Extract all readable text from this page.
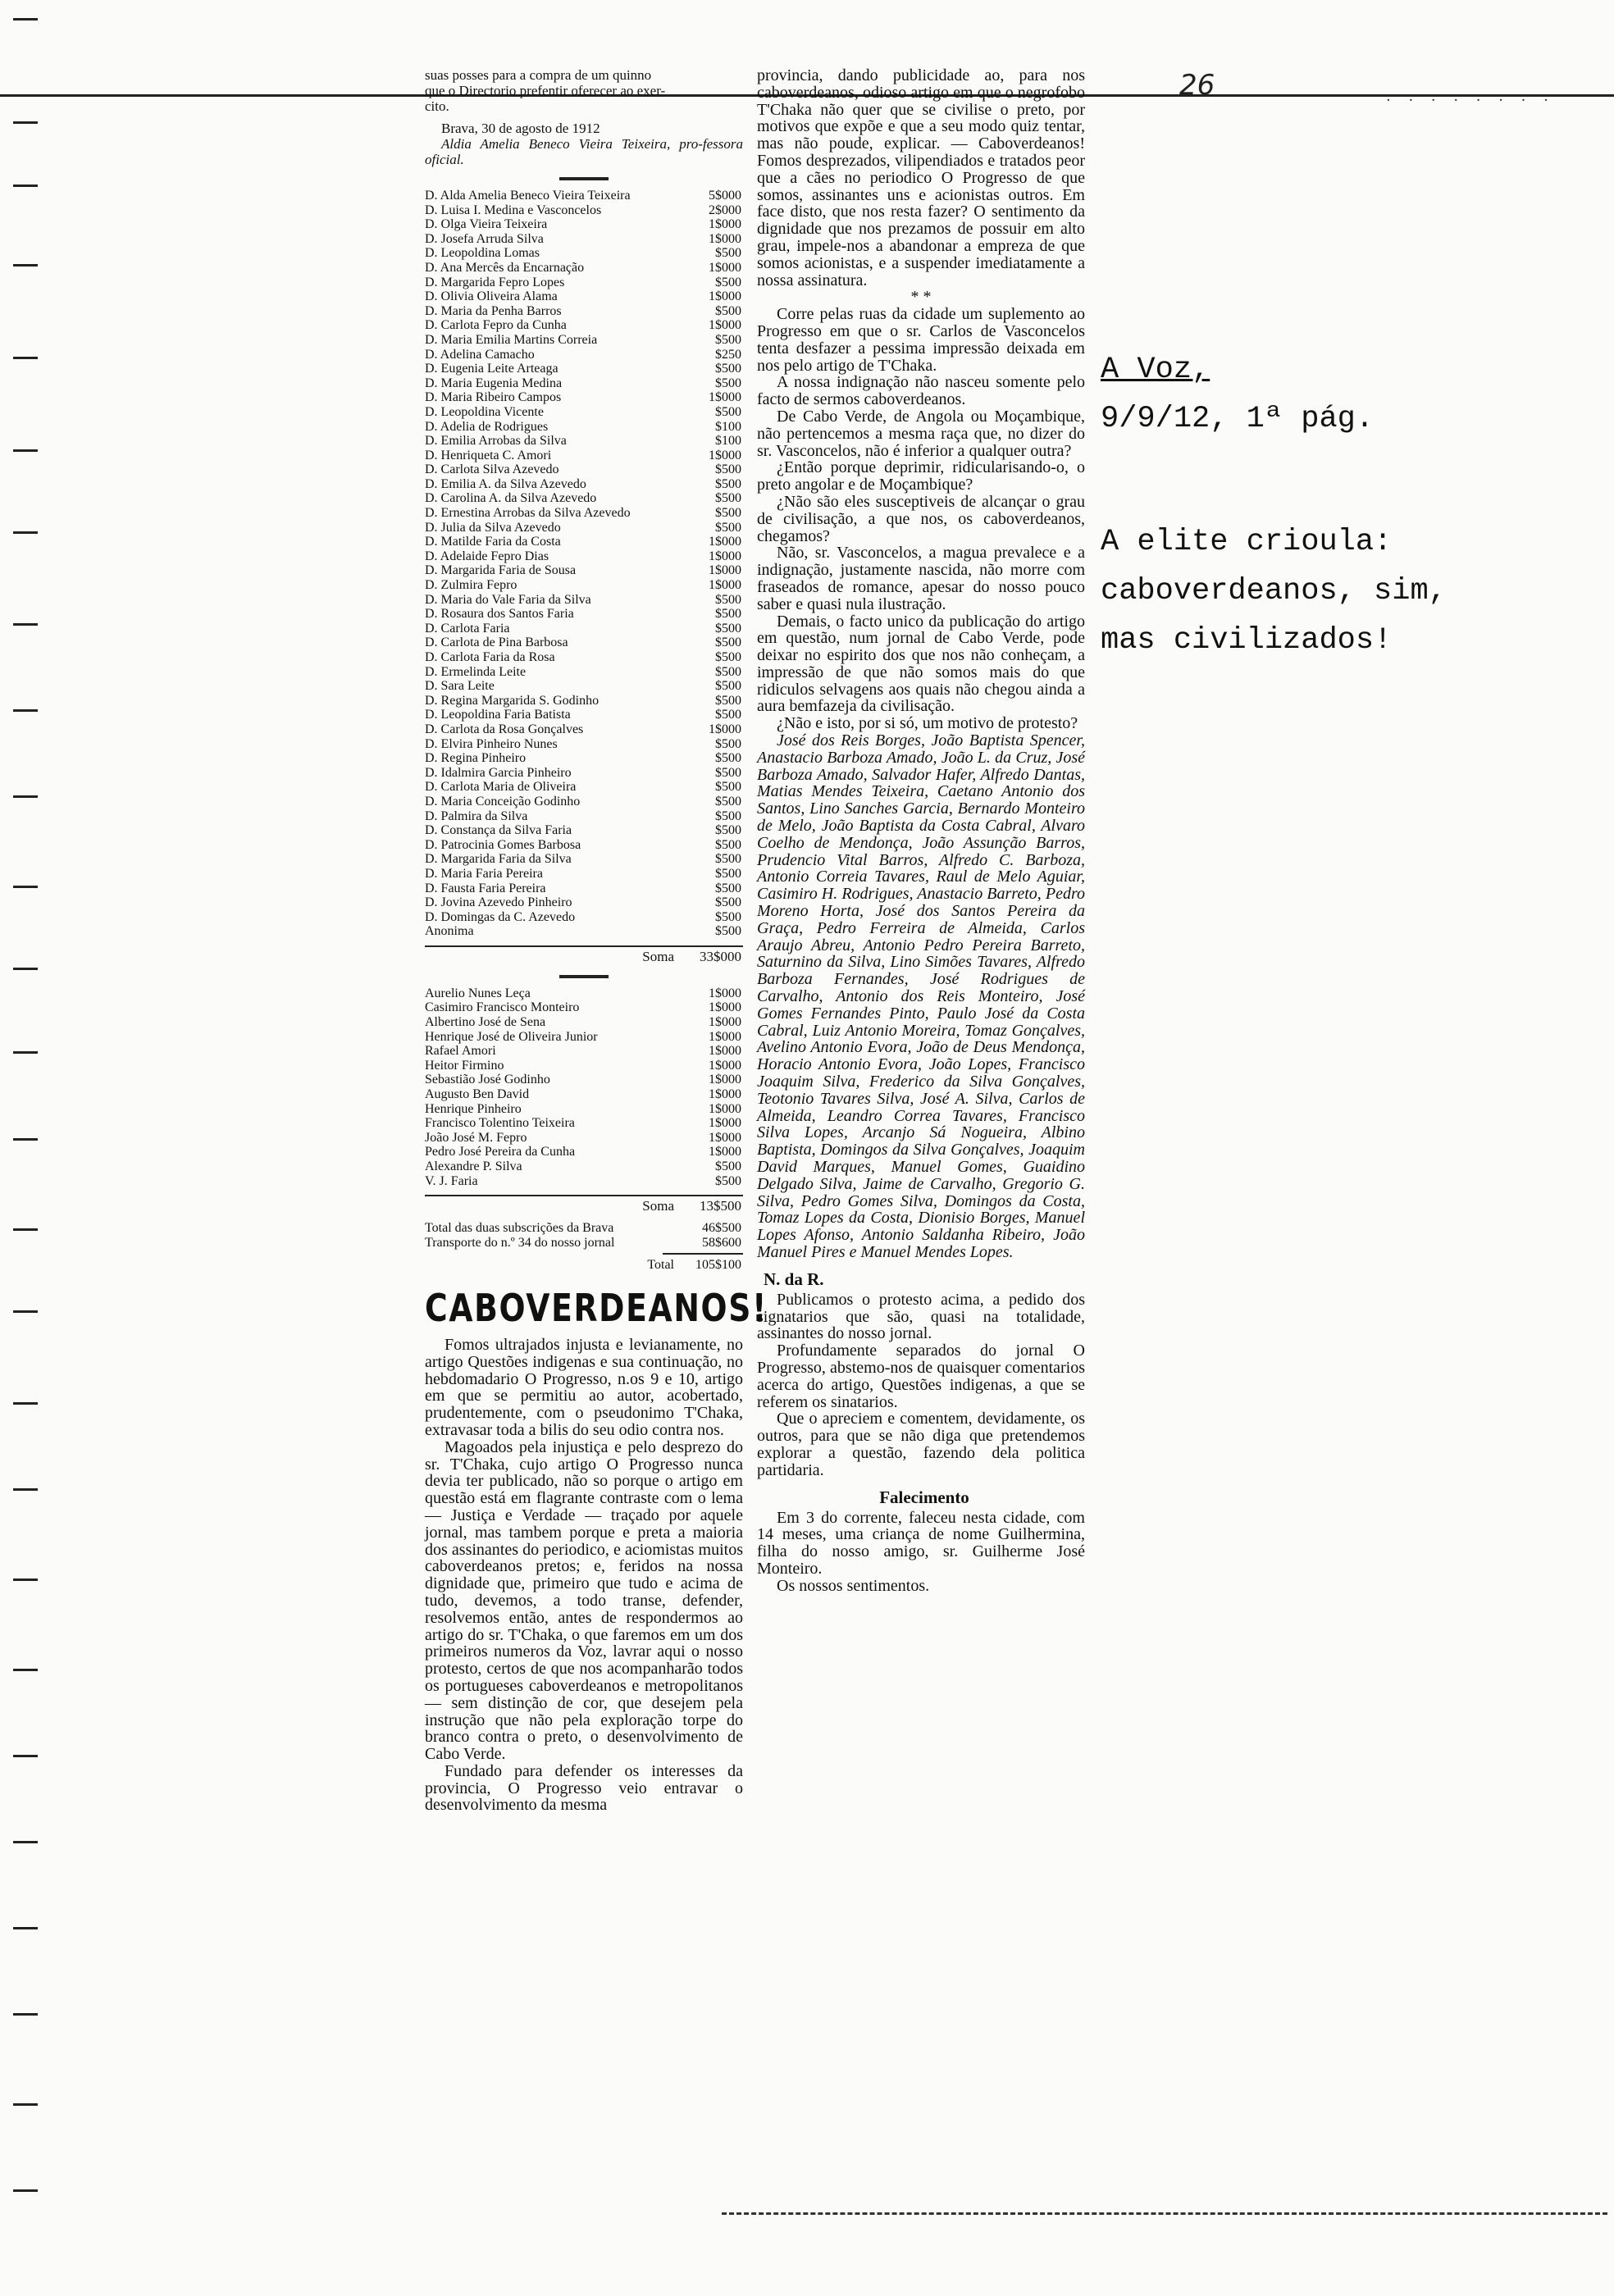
26	· · · · · · · ·
A Voz,
9/9/12, 1ª pág.
A elite crioula:
caboverdeanos, sim,
mas civilizados!

suas posses para a compra de um quinno

que o Directorio prefentir oferecer ao exer-

cito.

Brava, 30 de agosto de 1912

Aldia Amelia Beneco Vieira Teixeira, pro-fessora oficial.

D. Alda Amelia Beneco Vieira Teixeira	5$000
D. Luisa I. Medina e Vasconcelos	2$000
D. Olga Vieira Teixeira	1$000
D. Josefa Arruda Silva	1$000
D. Leopoldina Lomas	$500
D. Ana Mercês da Encarnação	1$000
D. Margarida Fepro Lopes	$500
D. Olivia Oliveira Alama	1$000
D. Maria da Penha Barros	$500
D. Carlota Fepro da Cunha	1$000
D. Maria Emilia Martins Correia	$500
D. Adelina Camacho	$250
D. Eugenia Leite Arteaga	$500
D. Maria Eugenia Medina	$500
D. Maria Ribeiro Campos	1$000
D. Leopoldina Vicente	$500
D. Adelia de Rodrigues	$100
D. Emilia Arrobas da Silva	$100
D. Henriqueta C. Amori	1$000
D. Carlota Silva Azevedo	$500
D. Emilia A. da Silva Azevedo	$500
D. Carolina A. da Silva Azevedo	$500
D. Ernestina Arrobas da Silva Azevedo	$500
D. Julia da Silva Azevedo	$500
D. Matilde Faria da Costa	1$000
D. Adelaide Fepro Dias	1$000
D. Margarida Faria de Sousa	1$000
D. Zulmira Fepro	1$000
D. Maria do Vale Faria da Silva	$500
D. Rosaura dos Santos Faria	$500
D. Carlota Faria	$500
D. Carlota de Pina Barbosa	$500
D. Carlota Faria da Rosa	$500
D. Ermelinda Leite	$500
D. Sara Leite	$500
D. Regina Margarida S. Godinho	$500
D. Leopoldina Faria Batista	$500
D. Carlota da Rosa Gonçalves	1$000
D. Elvira Pinheiro Nunes	$500
D. Regina Pinheiro	$500
D. Idalmira Garcia Pinheiro	$500
D. Carlota Maria de Oliveira	$500
D. Maria Conceição Godinho	$500
D. Palmira da Silva	$500
D. Constança da Silva Faria	$500
D. Patrocinia Gomes Barbosa	$500
D. Margarida Faria da Silva	$500
D. Maria Faria Pereira	$500
D. Fausta Faria Pereira	$500
D. Jovina Azevedo Pinheiro	$500
D. Domingas da C. Azevedo	$500
Anonima	$500
Soma	33$000
Aurelio Nunes Leça	1$000
Casimiro Francisco Monteiro	1$000
Albertino José de Sena	1$000
Henrique José de Oliveira Junior	1$000
Rafael Amori	1$000
Heitor Firmino	1$000
Sebastião José Godinho	1$000
Augusto Ben David	1$000
Henrique Pinheiro	1$000
Francisco Tolentino Teixeira	1$000
João José M. Fepro	1$000
Pedro José Pereira da Cunha	1$000
Alexandre P. Silva	$500
V. J. Faria	$500
Soma	13$500
Total das duas subscrições da Brava	46$500
Transporte do n.º 34 do nosso jornal	58$600
Total	105$100
CABOVERDEANOS!

Fomos ultrajados injusta e levianamente, no artigo Questões indigenas e sua continuação, no hebdomadario O Progresso, n.os 9 e 10, artigo em que se permitiu ao autor, acobertado, prudentemente, com o pseudonimo T'Chaka, extravasar toda a bilis do seu odio contra nos.

Magoados pela injustiça e pelo desprezo do sr. T'Chaka, cujo artigo O Progresso nunca devia ter publicado, não so porque o artigo em questão está em flagrante contraste com o lema — Justiça e Verdade — traçado por aquele jornal, mas tambem porque e preta a maioria dos assinantes do periodico, e aciomistas muitos caboverdeanos pretos; e, feridos na nossa dignidade que, primeiro que tudo e acima de tudo, devemos, a todo transe, defender, resolvemos então, antes de respondermos ao artigo do sr. T'Chaka, o que faremos em um dos primeiros numeros da Voz, lavrar aqui o nosso protesto, certos de que nos acompanharão todos os portugueses caboverdeanos e metropolitanos — sem distinção de cor, que desejem pela instrução que não pela exploração torpe do branco contra o preto, o desenvolvimento de Cabo Verde.

Fundado para defender os interesses da provincia, O Progresso veio entravar o desenvolvimento da mesma

provincia, dando publicidade ao, para nos caboverdeanos, odioso artigo em que o negrofobo T'Chaka não quer que se civilise o preto, por motivos que expõe e que a seu modo quiz tentar, mas não poude, explicar. — Caboverdeanos! Fomos desprezados, vilipendiados e tratados peor que a cães no periodico O Progresso de que somos, assinantes uns e acionistas outros. Em face disto, que nos resta fazer? O sentimento da dignidade que nos prezamos de possuir em alto grau, impele-nos a abandonar a empreza de que somos acionistas, e a suspender imediatamente a nossa assinatura.

* *

Corre pelas ruas da cidade um suplemento ao Progresso em que o sr. Carlos de Vasconcelos tenta desfazer a pessima impressão deixada em nos pelo artigo de T'Chaka.

A nossa indignação não nasceu somente pelo facto de sermos caboverdeanos.

De Cabo Verde, de Angola ou Moçambique, não pertencemos a mesma raça que, no dizer do sr. Vasconcelos, não é inferior a qualquer outra?

¿Então porque deprimir, ridicularisando-o, o preto angolar e de Moçambique?

¿Não são eles susceptiveis de alcançar o grau de civilisação, a que nos, os caboverdeanos, chegamos?

Não, sr. Vasconcelos, a magua prevalece e a indignação, justamente nascida, não morre com fraseados de romance, apesar do nosso pouco saber e quasi nula ilustração.

Demais, o facto unico da publicação do artigo em questão, num jornal de Cabo Verde, pode deixar no espirito dos que nos não conheçam, a impressão de que não somos mais do que ridiculos selvagens aos quais não chegou ainda a aura bemfazeja da civilisação.

¿Não e isto, por si só, um motivo de protesto?

José dos Reis Borges, João Baptista Spencer, Anastacio Barboza Amado, João L. da Cruz, José Barboza Amado, Salvador Hafer, Alfredo Dantas, Matias Mendes Teixeira, Caetano Antonio dos Santos, Lino Sanches Garcia, Bernardo Monteiro de Melo, João Baptista da Costa Cabral, Alvaro Coelho de Mendonça, João Assunção Barros, Prudencio Vital Barros, Alfredo C. Barboza, Antonio Correia Tavares, Raul de Melo Aguiar, Casimiro H. Rodrigues, Anastacio Barreto, Pedro Moreno Horta, José dos Santos Pereira da Graça, Pedro Ferreira de Almeida, Carlos Araujo Abreu, Antonio Pedro Pereira Barreto, Saturnino da Silva, Lino Simões Tavares, Alfredo Barboza Fernandes, José Rodrigues de Carvalho, Antonio dos Reis Monteiro, José Gomes Fernandes Pinto, Paulo José da Costa Cabral, Luiz Antonio Moreira, Tomaz Gonçalves, Avelino Antonio Evora, João de Deus Mendonça, Horacio Antonio Evora, João Lopes, Francisco Joaquim Silva, Frederico da Silva Gonçalves, Teotonio Tavares Silva, José A. Silva, Carlos de Almeida, Leandro Correa Tavares, Francisco Silva Lopes, Arcanjo Sá Nogueira, Albino Baptista, Domingos da Silva Gonçalves, Joaquim David Marques, Manuel Gomes, Guaidino Delgado Silva, Jaime de Carvalho, Gregorio G. Silva, Pedro Gomes Silva, Domingos da Costa, Tomaz Lopes da Costa, Dionisio Borges, Manuel Lopes Afonso, Antonio Saldanha Ribeiro, João Manuel Pires e Manuel Mendes Lopes.

N. da R.

Publicamos o protesto acima, a pedido dos signatarios que são, quasi na totalidade, assinantes do nosso jornal.

Profundamente separados do jornal O Progresso, abstemo-nos de quaisquer comentarios acerca do artigo, Questões indigenas, a que se referem os sinatarios.

Que o apreciem e comentem, devidamente, os outros, para que se não diga que pretendemos explorar a questão, fazendo dela politica partidaria.

Falecimento

Em 3 do corrente, faleceu nesta cidade, com 14 meses, uma criança de nome Guilhermina, filha do nosso amigo, sr. Guilherme José Monteiro.

Os nossos sentimentos.
